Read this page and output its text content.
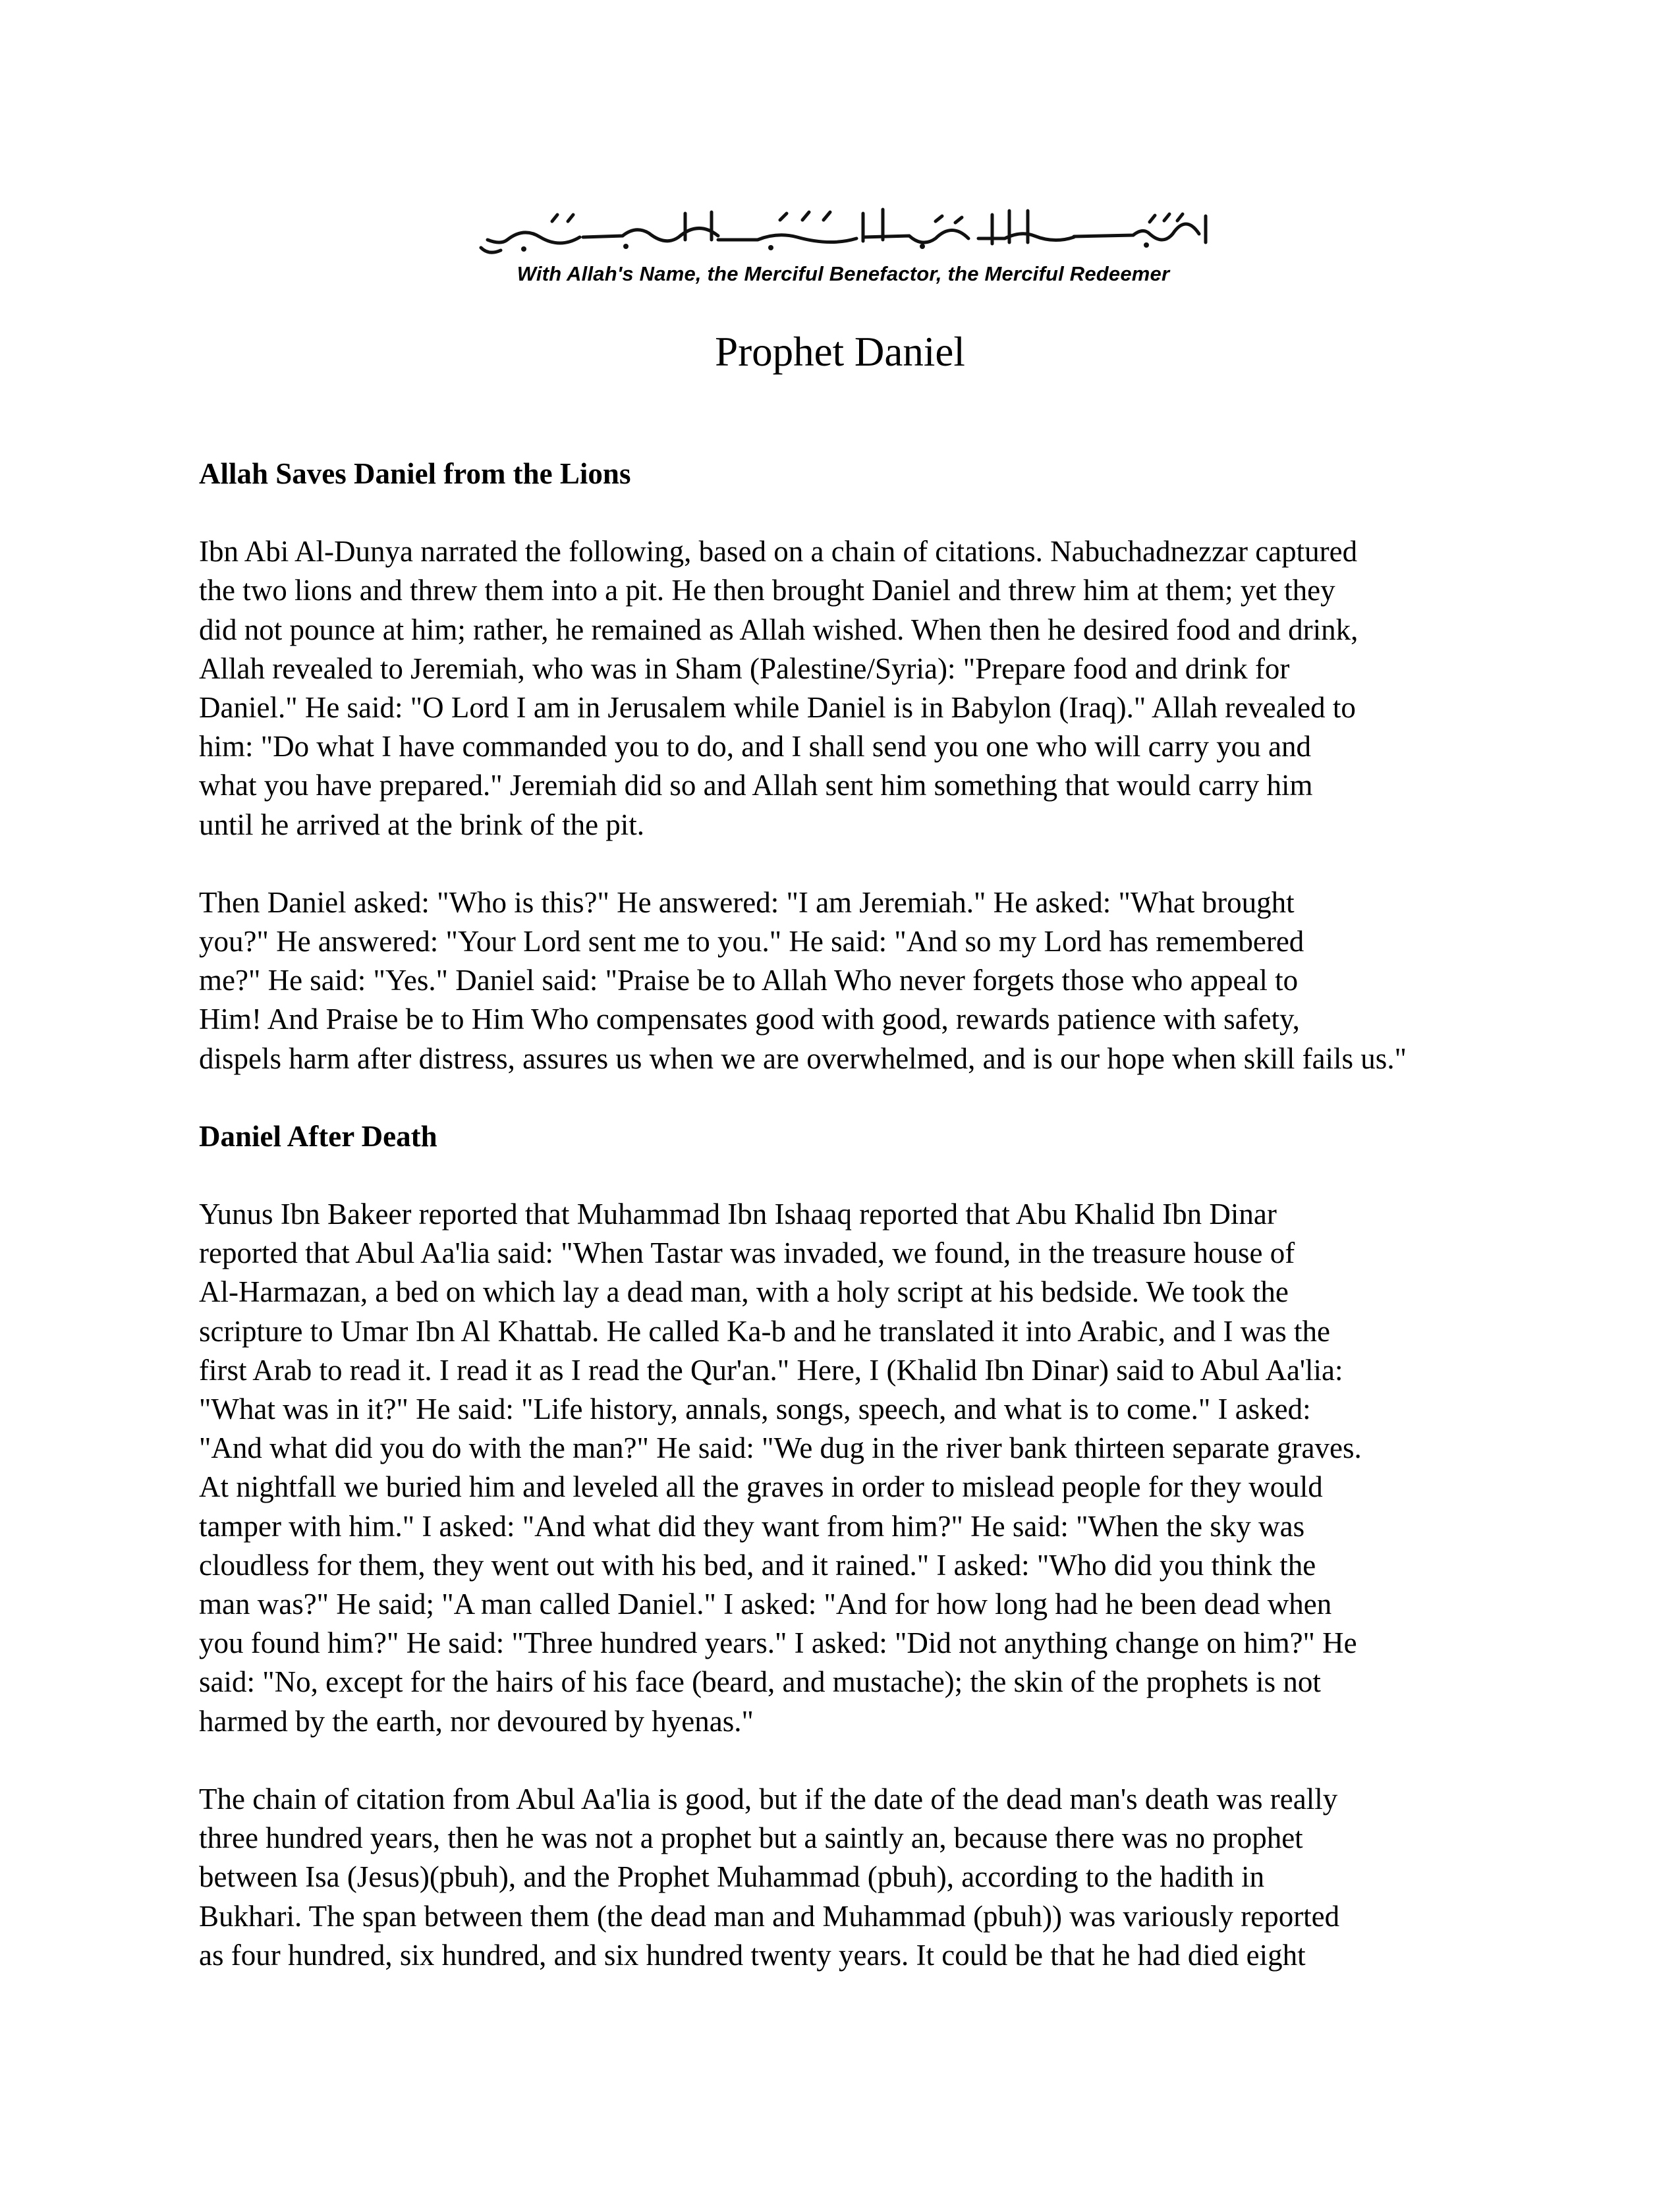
With Allah's Name, the Merciful Benefactor, the Merciful Redeemer
Prophet Daniel
Allah Saves Daniel from the Lions
Ibn Abi Al-Dunya narrated the following, based on a chain of citations. Nabuchadnezzar captured
the two lions and threw them into a pit. He then brought Daniel and threw him at them; yet they
did not pounce at him; rather, he remained as Allah wished. When then he desired food and drink,
Allah revealed to Jeremiah, who was in Sham (Palestine/Syria): "Prepare food and drink for
Daniel." He said: "O Lord I am in Jerusalem while Daniel is in Babylon (Iraq)." Allah revealed to
him: "Do what I have commanded you to do, and I shall send you one who will carry you and
what you have prepared." Jeremiah did so and Allah sent him something that would carry him
until he arrived at the brink of the pit.
Then Daniel asked: "Who is this?" He answered: "I am Jeremiah." He asked: "What brought
you?" He answered: "Your Lord sent me to you." He said: "And so my Lord has remembered
me?" He said: "Yes." Daniel said: "Praise be to Allah Who never forgets those who appeal to
Him! And Praise be to Him Who compensates good with good, rewards patience with safety,
dispels harm after distress, assures us when we are overwhelmed, and is our hope when skill fails us."
Daniel After Death
Yunus Ibn Bakeer reported that Muhammad Ibn Ishaaq reported that Abu Khalid Ibn Dinar
reported that Abul Aa'lia said: "When Tastar was invaded, we found, in the treasure house of
Al-Harmazan, a bed on which lay a dead man, with a holy script at his bedside. We took the
scripture to Umar Ibn Al Khattab. He called Ka-b and he translated it into Arabic, and I was the
first Arab to read it. I read it as I read the Qur'an." Here, I (Khalid Ibn Dinar) said to Abul Aa'lia:
"What was in it?" He said: "Life history, annals, songs, speech, and what is to come." I asked:
"And what did you do with the man?" He said: "We dug in the river bank thirteen separate graves.
At nightfall we buried him and leveled all the graves in order to mislead people for they would
tamper with him." I asked: "And what did they want from him?" He said: "When the sky was
cloudless for them, they went out with his bed, and it rained." I asked: "Who did you think the
man was?" He said; "A man called Daniel." I asked: "And for how long had he been dead when
you found him?" He said: "Three hundred years." I asked: "Did not anything change on him?" He
said: "No, except for the hairs of his face (beard, and mustache); the skin of the prophets is not
harmed by the earth, nor devoured by hyenas."
The chain of citation from Abul Aa'lia is good, but if the date of the dead man's death was really
three hundred years, then he was not a prophet but a saintly an, because there was no prophet
between Isa (Jesus)(pbuh), and the Prophet Muhammad (pbuh), according to the hadith in
Bukhari. The span between them (the dead man and Muhammad (pbuh)) was variously reported
as four hundred, six hundred, and six hundred twenty years. It could be that he had died eight
